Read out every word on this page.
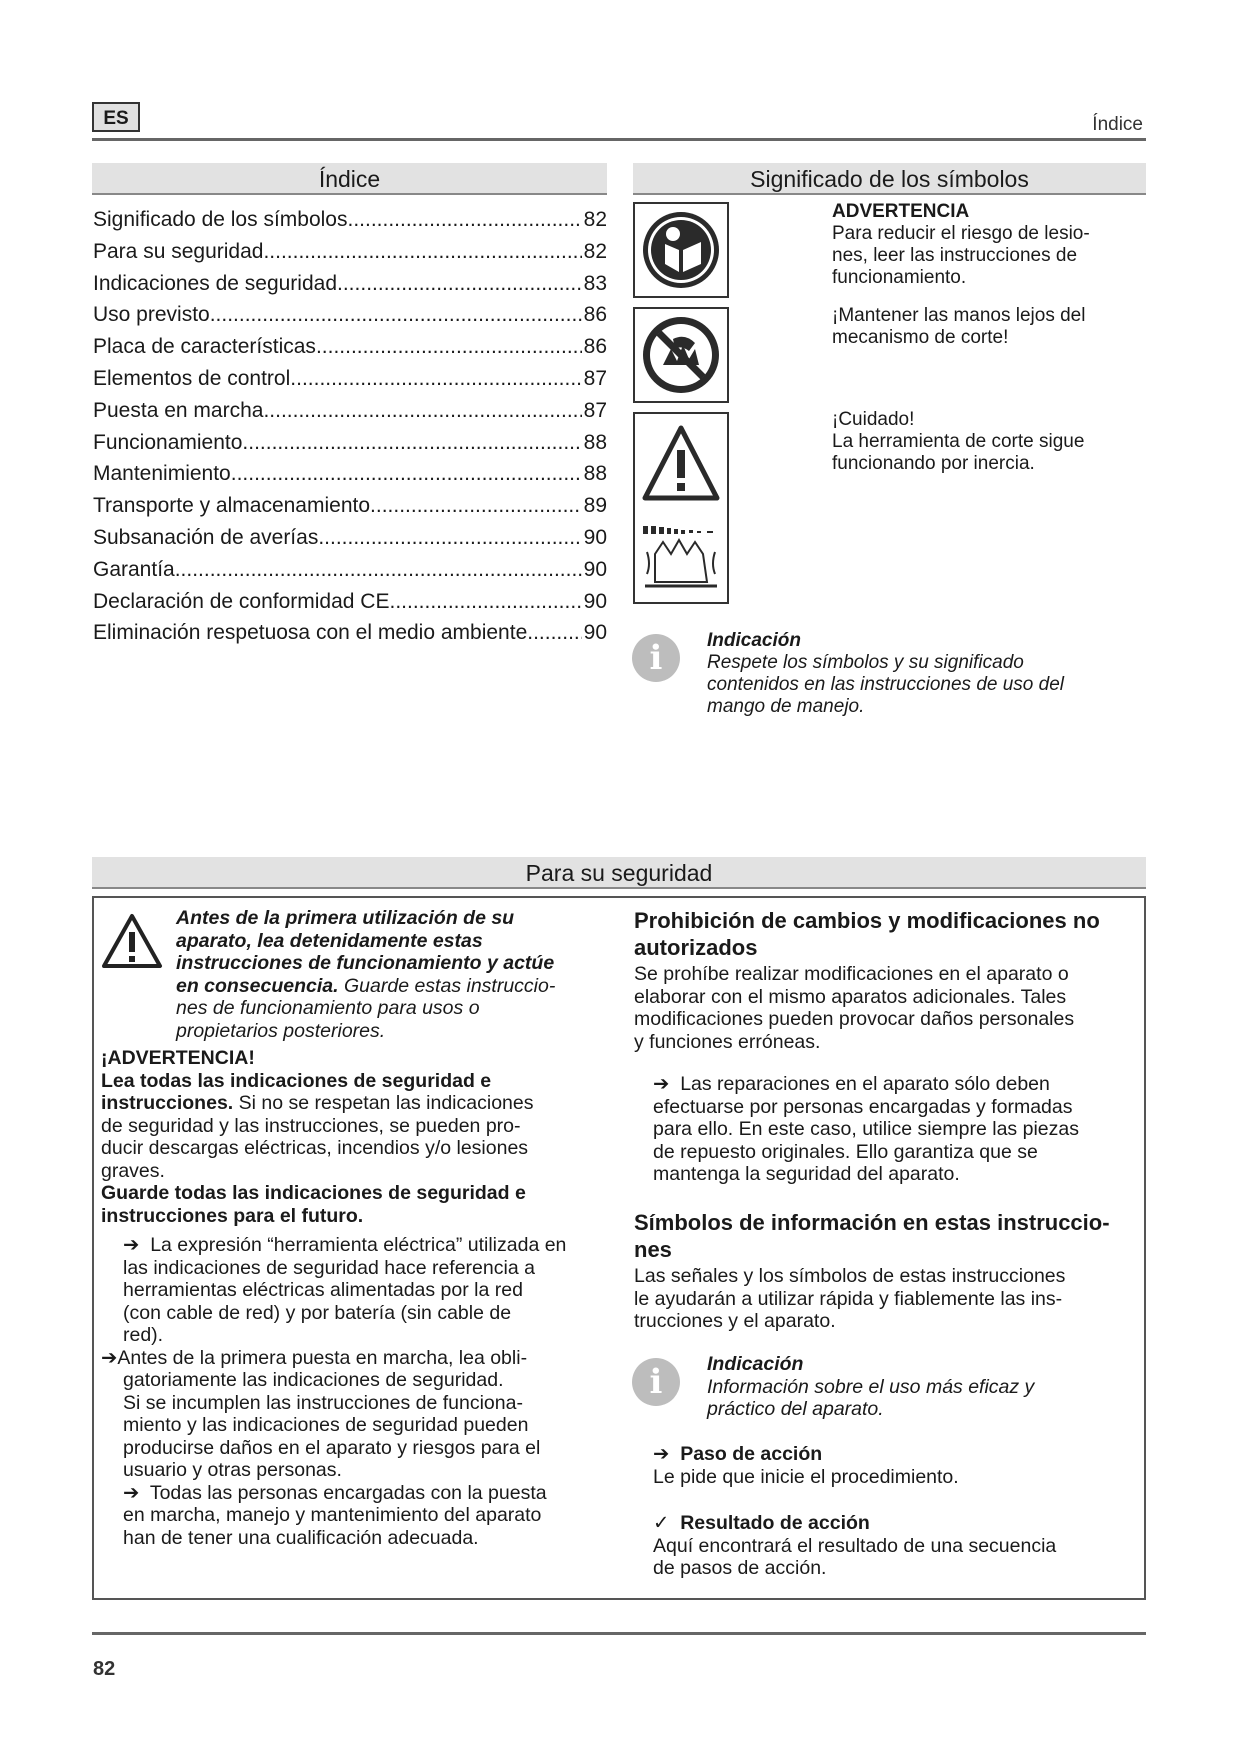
ES	Índice
Índice
Significado de los símbolos .....	82
Para su seguridad .....	82
Indicaciones de seguridad .....	83
Uso previsto .....	86
Placa de características .....	86
Elementos de control .....	87
Puesta en marcha .....	87
Funcionamiento .....	88
Mantenimiento .....	88
Transporte y almacenamiento .....	89
Subsanación de averías .....	90
Garantía .....	90
Declaración de conformidad CE .....	90
Eliminación respetuosa con el medio ambiente .....	90
Significado de los símbolos
ADVERTENCIA
Para reducir el riesgo de lesio-
nes, leer las instrucciones de
funcionamiento.
¡Mantener las manos lejos del
mecanismo de corte!
¡Cuidado!
La herramienta de corte sigue
funcionando por inercia.
i	Indicación
Respete los símbolos y su significado
contenidos en las instrucciones de uso del
mango de manejo.
Para su seguridad
Antes de la primera utilización de su
aparato, lea detenidamente estas
instrucciones de funcionamiento y actúe
en consecuencia. Guarde estas instruccio-
nes de funcionamiento para usos o
propietarios posteriores.
¡ADVERTENCIA!
Lea todas las indicaciones de seguridad e
instrucciones. Si no se respetan las indicaciones
de seguridad y las instrucciones, se pueden pro-
ducir descargas eléctricas, incendios y/o lesiones
graves.
Guarde todas las indicaciones de seguridad e
instrucciones para el futuro.
➔ La expresión “herramienta eléctrica” utilizada en
las indicaciones de seguridad hace referencia a
herramientas eléctricas alimentadas por la red
(con cable de red) y por batería (sin cable de
red).
➔Antes de la primera puesta en marcha, lea obli-
gatoriamente las indicaciones de seguridad.
Si se incumplen las instrucciones de funciona-
miento y las indicaciones de seguridad pueden
producirse daños en el aparato y riesgos para el
usuario y otras personas.
➔ Todas las personas encargadas con la puesta
en marcha, manejo y mantenimiento del aparato
han de tener una cualificación adecuada.
Prohibición de cambios y modificaciones no
autorizados
Se prohíbe realizar modificaciones en el aparato o
elaborar con el mismo aparatos adicionales. Tales
modificaciones pueden provocar daños personales
y funciones erróneas.
➔ Las reparaciones en el aparato sólo deben
efectuarse por personas encargadas y formadas
para ello. En este caso, utilice siempre las piezas
de repuesto originales. Ello garantiza que se
mantenga la seguridad del aparato.
Símbolos de información en estas instruccio-
nes
Las señales y los símbolos de estas instrucciones
le ayudarán a utilizar rápida y fiablemente las ins-
trucciones y el aparato.
i	Indicación
Información sobre el uso más eficaz y
práctico del aparato.
➔ Paso de acción
Le pide que inicie el procedimiento.
✓ Resultado de acción
Aquí encontrará el resultado de una secuencia
de pasos de acción.
82
